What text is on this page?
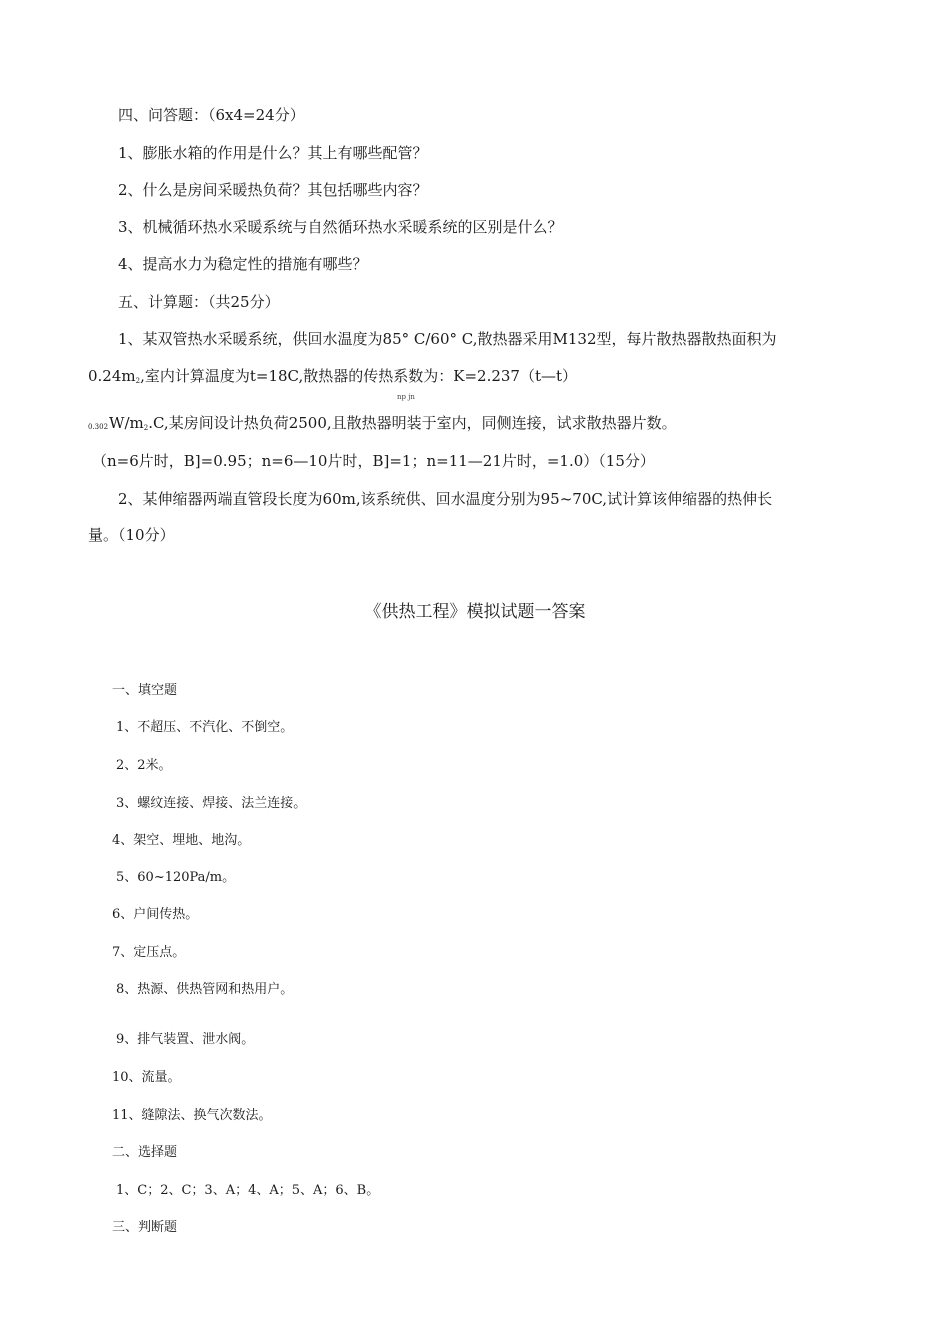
四、问答题：（6x4=24分）
1、膨胀水箱的作用是什么？其上有哪些配管？
2、什么是房间采暖热负荷？其包括哪些内容？
3、机械循环热水采暖系统与自然循环热水采暖系统的区别是什么？
4、提高水力为稳定性的措施有哪些？
五、计算题：（共25分）
1、某双管热水采暖系统，供回水温度为85° C/60° C,散热器采用M132型，每片散热器散热面积为
$0.24m_2$,室内计算温度为t=18C,散热器的传热系数为：K=2.237（t—t）
np jn
$0.302W/m_2.C$,某房间设计热负荷2500,且散热器明装于室内，同侧连接，试求散热器片数。
（n=6片时，B]=0.95；n=6—10片时，B]=1；n=11—21片时，=1.0）（15分）
2、某伸缩器两端直管段长度为60m,该系统供、回水温度分别为95~70C,试计算该伸缩器的热伸长
量。（10分）
《供热工程》模拟试题一答案
一、填空题
1、不超压、不汽化、不倒空。
2、2米。
3、螺纹连接、焊接、法兰连接。
4、架空、埋地、地沟。
5、60~120Pa/m。
6、户间传热。
7、定压点。
8、热源、供热管网和热用户。
9、排气装置、泄水阀。
10、流量。
11、缝隙法、换气次数法。
二、选择题
1、C；2、C；3、A；4、A；5、A；6、B。
三、判断题
